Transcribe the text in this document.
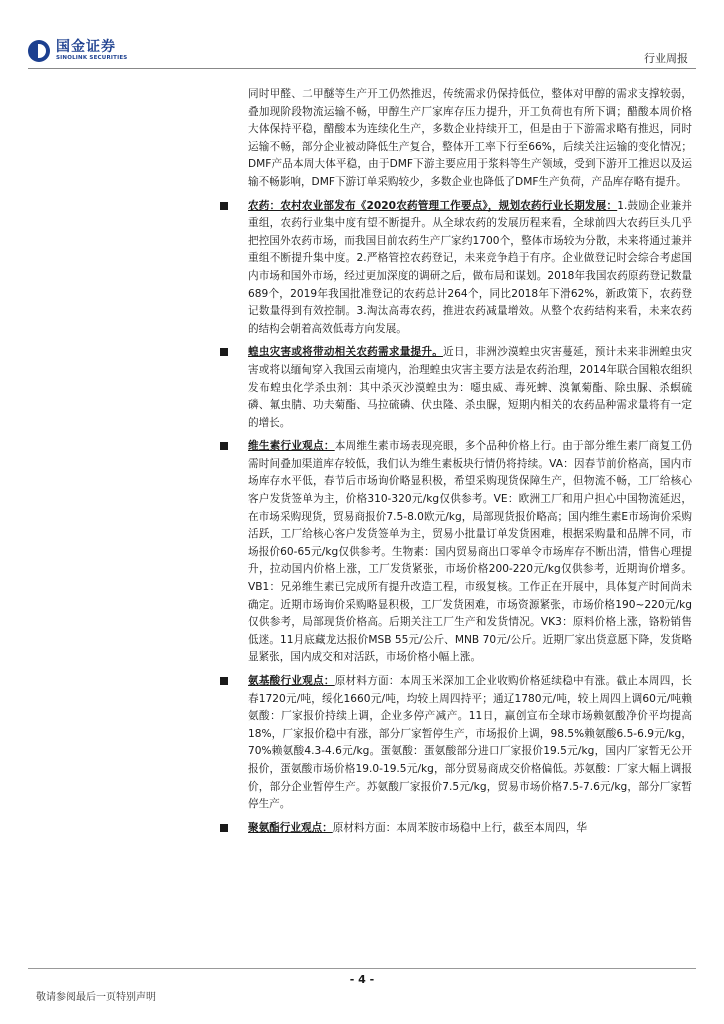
国金证券
SINOLINK SECURITIES	行业周报

同时甲醛、二甲醚等生产开工仍然推迟，传统需求仍保持低位，整体对甲醇的需求支撑较弱，叠加现阶段物流运输不畅，甲醇生产厂家库存压力提升，开工负荷也有所下调；醋酸本周价格大体保持平稳，醋酸本为连续化生产，多数企业持续开工，但是由于下游需求略有推迟，同时运输不畅，部分企业被动降低生产复合，整体开工率下行至66%，后续关注运输的变化情况；DMF产品本周大体平稳，由于DMF下游主要应用于浆料等生产领域，受到下游开工推迟以及运输不畅影响，DMF下游订单采购较少，多数企业也降低了DMF生产负荷，产品库存略有提升。

农药：农村农业部发布《2020农药管理工作要点》，规划农药行业长期发展：1.鼓励企业兼并重组，农药行业集中度有望不断提升。从全球农药的发展历程来看，全球前四大农药巨头几乎把控国外农药市场，而我国目前农药生产厂家约1700个，整体市场较为分散，未来将通过兼并重组不断提升集中度。2.严格管控农药登记，未来竞争趋于有序。企业做登记时会综合考虑国内市场和国外市场，经过更加深度的调研之后，做布局和谋划。2018年我国农药原药登记数量689个，2019年我国批准登记的农药总计264个，同比2018年下滑62%，新政策下，农药登记数量得到有效控制。3.淘汰高毒农药，推进农药减量增效。从整个农药结构来看，未来农药的结构会朝着高效低毒方向发展。

蝗虫灾害或将带动相关农药需求量提升。近日，非洲沙漠蝗虫灾害蔓延，预计未来非洲蝗虫灾害或将以缅甸穿入我国云南境内，治理蝗虫灾害主要方法是农药治理，2014年联合国粮农组织发布蝗虫化学杀虫剂：其中杀灭沙漠蝗虫为：噁虫威、毒死蜱、溴氰菊酯、除虫脲、杀螟硫磷、氟虫腈、功夫菊酯、马拉硫磷、伏虫隆、杀虫脲，短期内相关的农药品种需求量将有一定的增长。

维生素行业观点：本周维生素市场表现亮眼，多个品种价格上行。由于部分维生素厂商复工仍需时间叠加渠道库存较低，我们认为维生素板块行情仍将持续。VA：因春节前价格高，国内市场库存水平低，春节后市场询价略显积极，希望采购现货保障生产，但物流不畅，工厂给核心客户发货签单为主，价格310-320元/kg仅供参考。VE：欧洲工厂和用户担心中国物流延迟，在市场采购现货，贸易商报价7.5-8.0欧元/kg，局部现货报价略高；国内维生素E市场询价采购活跃，工厂给核心客户发货签单为主，贸易小批量订单发货困难，根据采购量和品牌不同，市场报价60-65元/kg仅供参考。生物素：国内贸易商出口零单令市场库存不断出清，惜售心理提升，拉动国内价格上涨，工厂发货紧张，市场价格200-220元/kg仅供参考，近期询价增多。VB1：兄弟维生素已完成所有提升改造工程，市级复核。工作正在开展中，具体复产时间尚未确定。近期市场询价采购略显积极，工厂发货困难，市场资源紧张，市场价格190~220元/kg仅供参考，局部现货价格高。后期关注工厂生产和发货情况。VK3：原料价格上涨，铬粉销售低迷。11月底藏龙达报价MSB 55元/公斤、MNB 70元/公斤。近期厂家出货意愿下降，发货略显紧张，国内成交和对活跃，市场价格小幅上涨。

氨基酸行业观点：原材料方面：本周玉米深加工企业收购价格延续稳中有涨。截止本周四，长春1720元/吨，绥化1660元/吨，均较上周四持平；通辽1780元/吨，较上周四上调60元/吨赖氨酸：厂家报价持续上调，企业多停产减产。11日，赢创宣布全球市场赖氨酸净价平均提高18%，厂家报价稳中有涨，部分厂家暂停生产，市场报价上调，98.5%赖氨酸6.5-6.9元/kg，70%赖氨酸4.3-4.6元/kg。蛋氨酸：蛋氨酸部分进口厂家报价19.5元/kg，国内厂家暂无公开报价，蛋氨酸市场价格19.0-19.5元/kg，部分贸易商成交价格偏低。苏氨酸：厂家大幅上调报价，部分企业暂停生产。苏氨酸厂家报价7.5元/kg，贸易市场价格7.5-7.6元/kg，部分厂家暂停生产。

聚氨酯行业观点：原材料方面：本周苯胺市场稳中上行，截至本周四，华

- 4 -
敬请参阅最后一页特别声明
